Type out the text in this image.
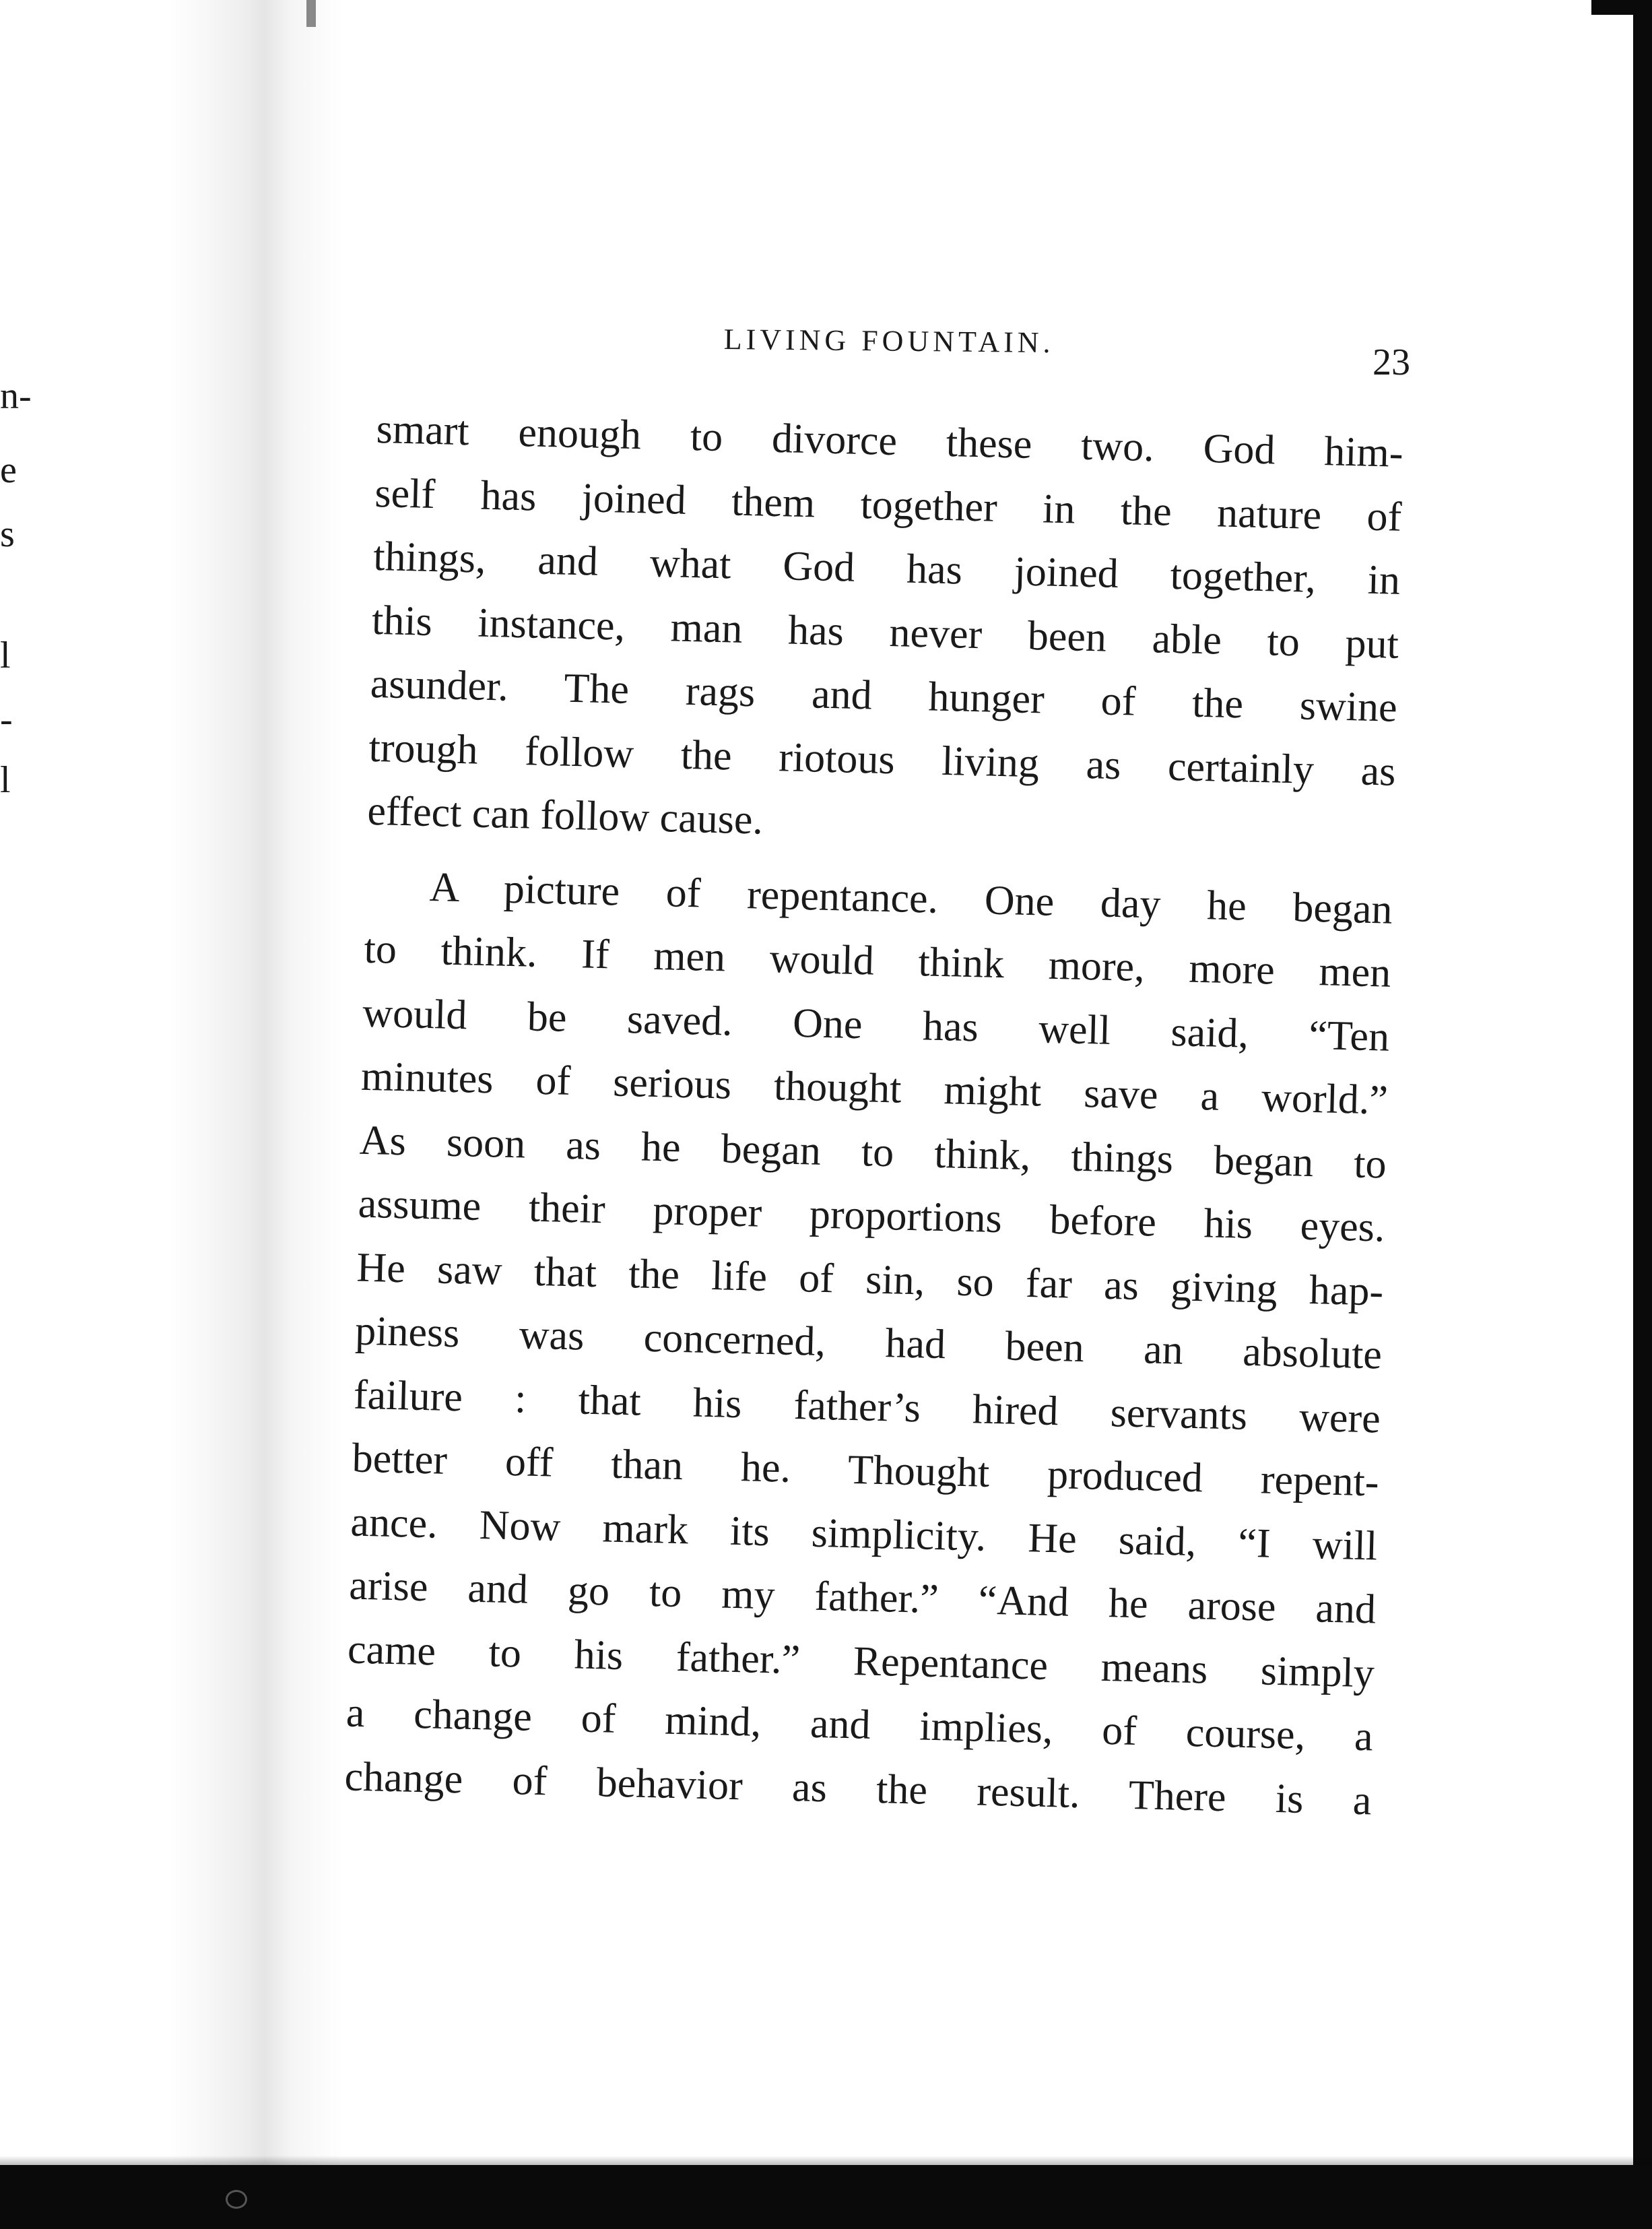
n-
e
s
l
-
l
LIVING FOUNTAIN.
23
smart enough to divorce these two. God him-
self has joined them together in the nature of
things, and what God has joined together, in
this instance, man has never been able to put
asunder. The rags and hunger of the swine
trough follow the riotous living as certainly as
effect can follow cause.
A picture of repentance. One day he began
to think. If men would think more, more men
would be saved. One has well said, “Ten
minutes of serious thought might save a world.”
As soon as he began to think, things began to
assume their proper proportions before his eyes.
He saw that the life of sin, so far as giving hap-
piness was concerned, had been an absolute
failure : that his father’s hired servants were
better off than he. Thought produced repent-
ance. Now mark its simplicity. He said, “I will
arise and go to my father.” “And he arose and
came to his father.” Repentance means simply
a change of mind, and implies, of course, a
change of behavior as the result. There is a
